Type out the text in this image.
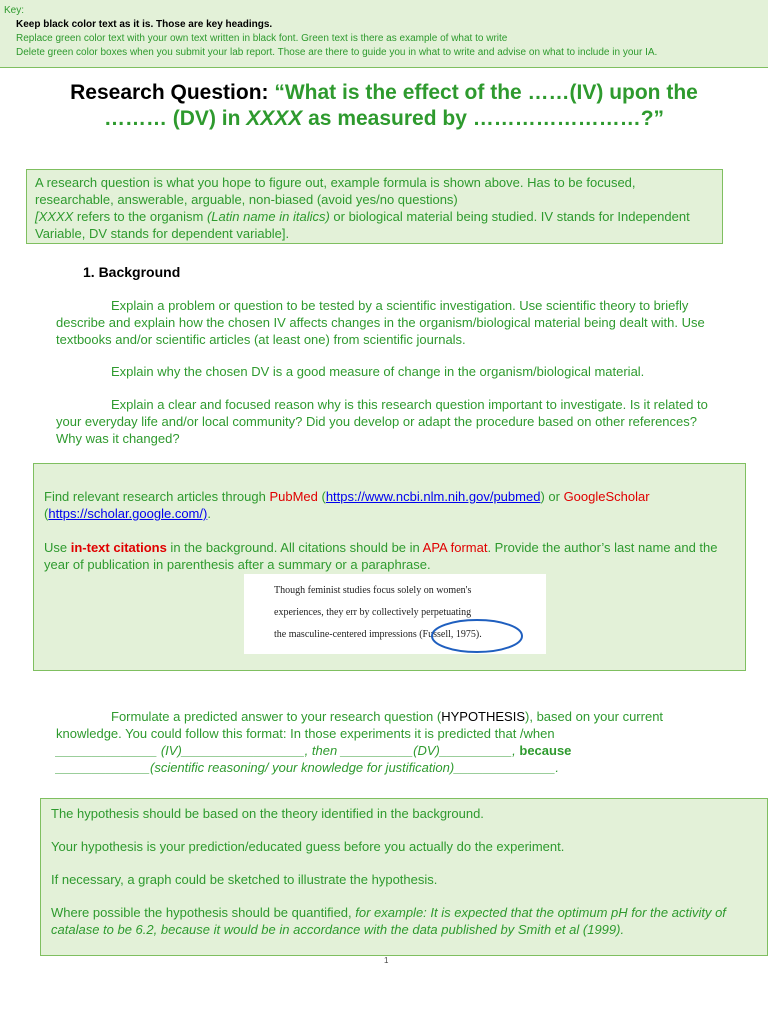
Key:
Keep black color text as it is. Those are key headings.
Replace green color text with your own text written in black font. Green text is there as example of what to write
Delete green color boxes when you submit your lab report. Those are there to guide you in what to write and advise on what to include in your IA.
Research Question: “What is the effect of the ……(IV) upon the ……… (DV) in XXXX as measured by ……………………?”
A research question is what you hope to figure out, example formula is shown above. Has to be focused, researchable, answerable, arguable, non-biased (avoid yes/no questions)
[XXXX refers to the organism (Latin name in italics) or biological material being studied. IV stands for Independent Variable, DV stands for dependent variable].
1. Background
Explain a problem or question to be tested by a scientific investigation. Use scientific theory to briefly describe and explain how the chosen IV affects changes in the organism/biological material being dealt with. Use textbooks and/or scientific articles (at least one) from scientific journals.
Explain why the chosen DV is a good measure of change in the organism/biological material.
Explain a clear and focused reason why is this research question important to investigate. Is it related to your everyday life and/or local community? Did you develop or adapt the procedure based on other references? Why was it changed?
Find relevant research articles through PubMed (https://www.ncbi.nlm.nih.gov/pubmed) or GoogleScholar
(https://scholar.google.com/).
Use in-text citations in the background. All citations should be in APA format. Provide the author’s last name and the year of publication in parenthesis after a summary or a paraphrase.
Though feminist studies focus solely on women's
experiences, they err by collectively perpetuating
the masculine-centered impressions (Fussell, 1975).
Formulate a predicted answer to your research question (HYPOTHESIS), based on your current knowledge. You could follow this format: In those experiments it is predicted that /when
______________ (IV)_________________, then __________(DV)__________, because
_____________(scientific reasoning/ your knowledge for justification)______________.

The hypothesis should be based on the theory identified in the background.

Your hypothesis is your prediction/educated guess before you actually do the experiment.

If necessary, a graph could be sketched to illustrate the hypothesis.

Where possible the hypothesis should be quantified, for example: It is expected that the optimum pH for the activity of catalase to be 6.2, because it would be in accordance with the data published by Smith et al (1999).

1
